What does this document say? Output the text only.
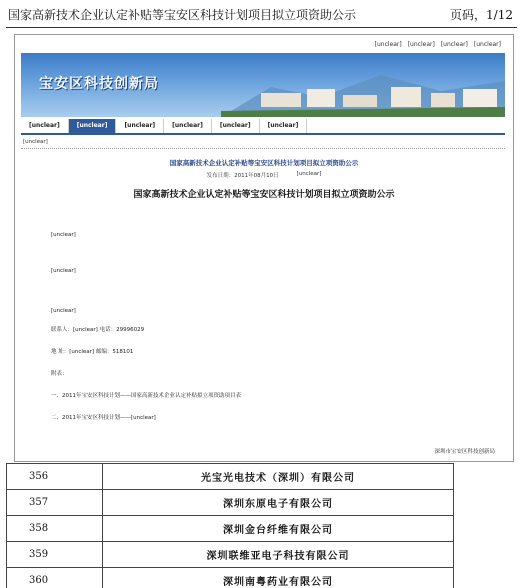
国家高新技术企业认定补贴等宝安区科技计划项目拟立项资助公示	页码，1/12
[unclear] [unclear] [unclear] [unclear]
宝安区科技创新局
[unclear]	[unclear]	[unclear]	[unclear]	[unclear]	[unclear]
[unclear]
国家高新技术企业认定补贴等宝安区科技计划项目拟立项资助公示
发布日期：2011年08月10日	[unclear]
国家高新技术企业认定补贴等宝安区科技计划项目拟立项资助公示
[unclear]
[unclear]
[unclear]
联系人：[unclear] 电话：29996029
地 址：[unclear] 邮编：518101
附表：
一、2011年宝安区科技计划——国家高新技术企业认定补贴拟立项资助项目表
二、2011年宝安区科技计划——[unclear]
深圳市宝安区科技创新局
356	光宝光电技术（深圳）有限公司
357	深圳东原电子有限公司
358	深圳金台纤维有限公司
359	深圳联维亚电子科技有限公司
360	深圳南粤药业有限公司
